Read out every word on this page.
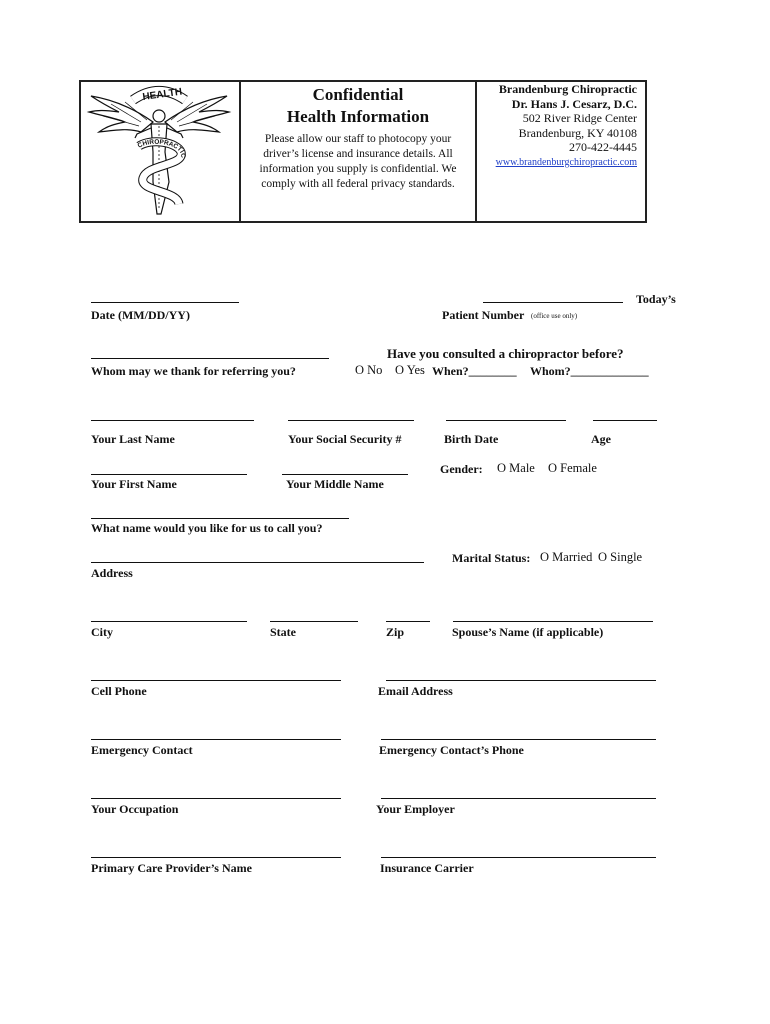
HEALTH
CHIROPRACTIC
Confidential
Health Information
Please allow our staff to photocopy your driver’s license and insurance details. All information you supply is confidential. We comply with all federal privacy standards.
Brandenburg Chiropractic
Dr. Hans J. Cesarz, D.C.
502 River Ridge Center
Brandenburg, KY 40108
270-422-4445
www.brandenburgchiropractic.com
Date (MM/DD/YY)
Today’s
Patient Number (office use only)
Whom may we thank for referring you?
Have you consulted a chiropractor before?
O No O Yes When?________ Whom?_____________
Your Last Name	Your Social Security #	Birth Date	Age
Your First Name	Your Middle Name
Gender: O Male O Female
What name would you like for us to call you?
Address
Marital Status: O Married O Single
City	State	Zip	Spouse’s Name (if applicable)
Cell Phone	Email Address
Emergency Contact	Emergency Contact’s Phone
Your Occupation	Your Employer
Primary Care Provider’s Name	Insurance Carrier
